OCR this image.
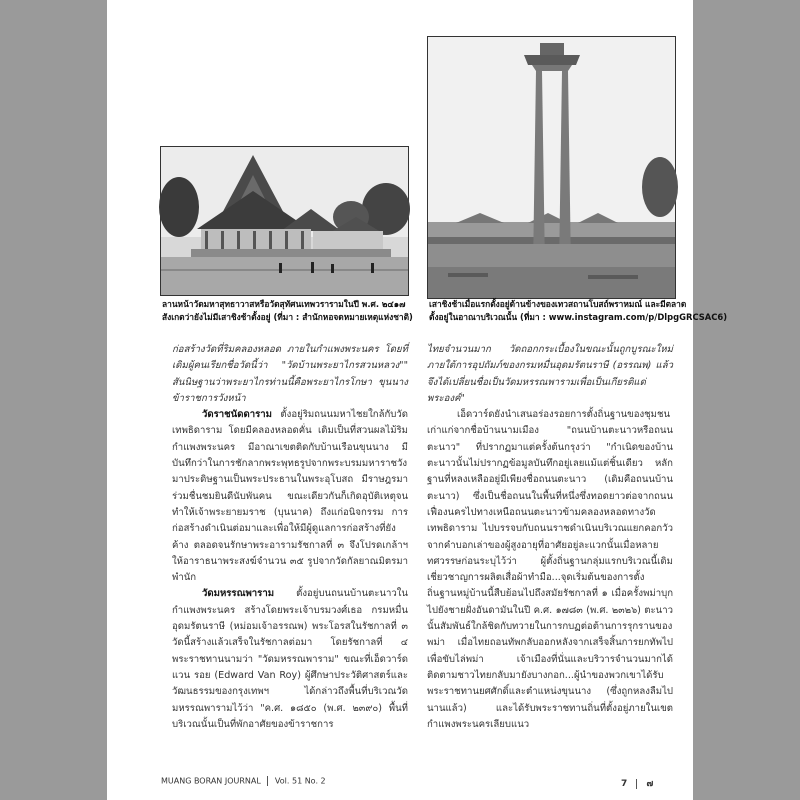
ลานหน้าวัดมหาสุทธาวาสหรือวัดสุทัศนเทพวรารามในปี พ.ศ. ๒๔๑๗
สังเกตว่ายังไม่มีเสาชิงช้าตั้งอยู่ (ที่มา : สำนักหอจดหมายเหตุแห่งชาติ)
เสาชิงช้าเมื่อแรกตั้งอยู่ด้านข้างของเทวสถานโบสถ์พราหมณ์ และมีตลาด
ตั้งอยู่ในอาณาบริเวณนั้น (ที่มา : www.instagram.com/p/DlpgGRCSAC6)

ก่อสร้างวัดที่ริมคลองหลอด ภายในกำแพงพระนคร โดยที่เดิมผู้คนเรียกชื่อวัดนี้ว่า "วัดบ้านพระยาไกรสวนหลวง"" สันนิษฐานว่าพระยาไกรท่านนี้คือพระยาไกรโกษา ขุนนางข้าราชการวังหน้า

วัดราชนัดดาราม ตั้งอยู่ริมถนนมหาไชยใกล้กับวัดเทพธิดาราม โดยมีคลองหลอดคั่น เดิมเป็นที่สวนผลไม้ริมกำแพงพระนคร มีอาณาเขตติดกับบ้านเรือนขุนนาง มีบันทึกว่าในการชักลากพระพุทธรูปจากพระบรมมหาราชวังมาประดิษฐานเป็นพระประธานในพระอุโบสถ มีราษฎรมาร่วมชื่นชมยินดีนับพันคน ขณะเดียวกันก็เกิดอุบัติเหตุจนทำให้เจ้าพระยายมราช (บุนนาค) ถึงแก่อนิจกรรม การก่อสร้างดำเนินต่อมาและเพื่อให้มีผู้ดูแลการก่อสร้างที่ยังค้าง ตลอดจนรักษาพระอารามรัชกาลที่ ๓ จึงโปรดเกล้าฯ ให้อาราธนาพระสงฆ์จำนวน ๓๕ รูปจากวัดกัลยาณมิตรมาพำนัก

วัดมหรรณพาราม ตั้งอยู่บนถนนบ้านตะนาวในกำแพงพระนคร สร้างโดยพระเจ้าบรมวงศ์เธอ กรมหมื่นอุดมรัตนราษี (หม่อมเจ้าอรรณพ) พระโอรสในรัชกาลที่ ๓ วัดนี้สร้างแล้วเสร็จในรัชกาลต่อมา โดยรัชกาลที่ ๔ พระราชทานนามว่า "วัดมหรรณพาราม" ขณะที่เอ็ดวาร์ด แวน รอย (Edward Van Roy) ผู้ศึกษาประวัติศาสตร์และวัฒนธรรมของกรุงเทพฯ ได้กล่าวถึงพื้นที่บริเวณวัดมหรรณพารามไว้ว่า "ค.ศ. ๑๘๕๐ (พ.ศ. ๒๓๙๐) พื้นที่บริเวณนั้นเป็นที่พักอาศัยของข้าราชการ

ไทยจำนวนมาก วัดถอกกระเบื้องในขณะนั้นถูกบูรณะใหม่ภายใต้การอุปถัมภ์ของกรมหมื่นอุดมรัตนราษี (อรรณพ) แล้วจึงได้เปลี่ยนชื่อเป็นวัดมหรรณพารามเพื่อเป็นเกียรติแด่พระองค์"

เอ็ดวาร์ดยังนำเสนอร่องรอยการตั้งถิ่นฐานของชุมชนเก่าแก่จากชื่อบ้านนามเมือง "ถนนบ้านตะนาวหรือถนนตะนาว" ที่ปรากฏมาแต่ครั้งต้นกรุงว่า "กำเนิดของบ้านตะนาวนั้นไม่ปรากฏข้อมูลบันทึกอยู่เลยแม้แต่ชิ้นเดียว หลักฐานที่หลงเหลืออยู่มีเพียงชื่อถนนตะนาว (เดิมคือถนนบ้านตะนาว) ซึ่งเป็นชื่อถนนในพื้นที่หนึ่งซึ่งทอดยาวต่อจากถนนเฟื่องนครไปทางเหนือถนนตะนาวข้ามคลองหลอดทางวัดเทพธิดาราม ไปบรรจบกับถนนราชดำเนินบริเวณแยกคอกวัว จากคำบอกเล่าของผู้สูงอายุที่อาศัยอยู่ละแวกนั้นเมื่อหลายทศวรรษก่อนระบุไว้ว่า ผู้ตั้งถิ่นฐานกลุ่มแรกบริเวณนี้เดิมเชี่ยวชาญการผลิตเสื่อผ้าทำมือ...จุดเริ่มต้นของการตั้งถิ่นฐานหมู่บ้านนี้สืบย้อนไปถึงสมัยรัชกาลที่ ๑ เมื่อครั้งพม่าบุกไปยังชายฝั่งอันดามันในปี ค.ศ. ๑๗๘๓ (พ.ศ. ๒๓๒๖) ตะนาวนั้นสัมพันธ์ใกล้ชิดกับทวายในการกบฏต่อต้านการรุกรานของพม่า เมื่อไทยถอนทัพกลับออกหลังจากเสร็จสิ้นการยกทัพไปเพื่อขับไล่พม่า เจ้าเมืองที่นั่นและบริวารจำนวนมากได้ติดตามชาวไทยกลับมายังบางกอก...ผู้นำของพวกเขาได้รับพระราชทานยศศักดิ์และตำแหน่งขุนนาง (ซึ่งถูกหลงลืมไปนานแล้ว) และได้รับพระราชทานถิ่นที่ตั้งอยู่ภายในเขตกำแพงพระนครเลียบแนว

MUANG BORAN JOURNAL Vol. 51 No. 2	7 ๗
